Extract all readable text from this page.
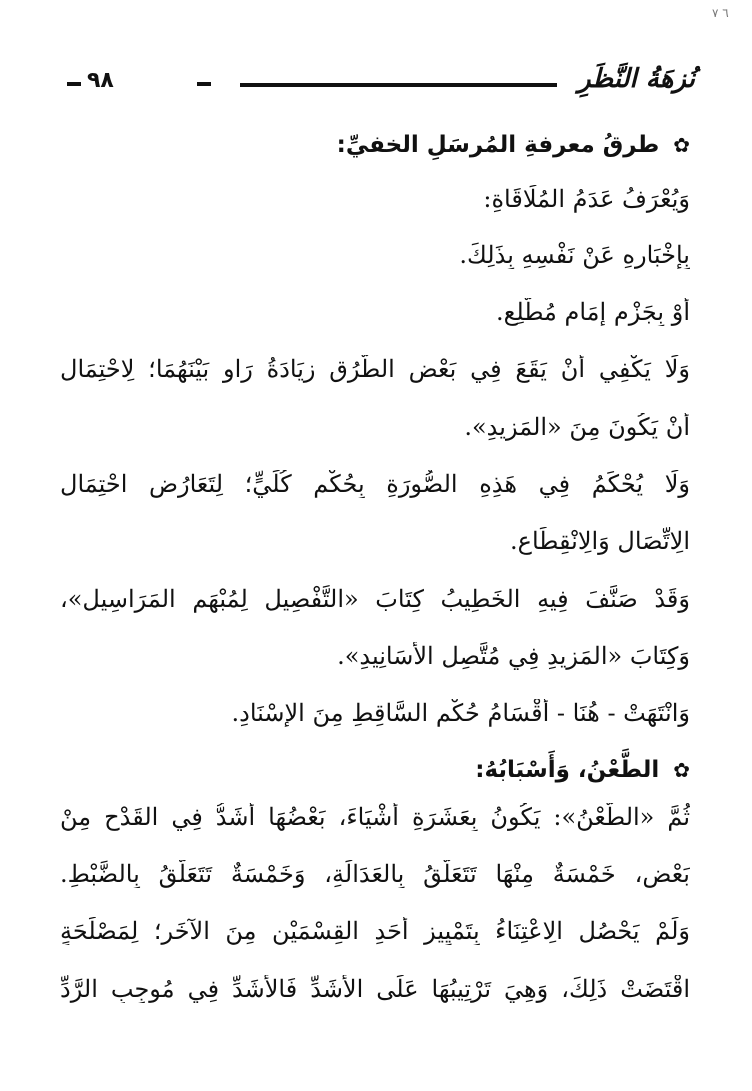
٦ ٧
نُزهَةُ النَّظَرِ
٩٨
✿
طرقُ معرفةِ المُرسَلِ الخفيِّ:
وَيُعْرَفُ عَدَمُ المُلَاقَاةِ:
بِإِخْبَارِهِ عَنْ نَفْسِهِ بِذَلِكَ.
أَوْ بِجَزْمِ إِمَامٍ مُطَّلِعٍ.
وَلَا يَكْفِي أَنْ يَقَعَ فِي بَعْضِ الطُّرُقِ زِيَادَةُ رَاوٍ بَيْنَهُمَا؛ لِاحْتِمَالِ
أَنْ يَكُونَ مِنَ «المَزِيدِ».
وَلَا يُحْكَمُ فِي هَذِهِ الصُّورَةِ بِحُكْمٍ كُلِّيٍّ؛ لِتَعَارُضِ احْتِمَالِ
الِاتِّصَالِ وَالِانْقِطَاعِ.
وَقَدْ صَنَّفَ فِيهِ الخَطِيبُ كِتَابَ «التَّفْصِيلِ لِمُبْهَمِ المَرَاسِيلِ»،
وَكِتَابَ «المَزِيدِ فِي مُتَّصِلِ الأَسَانِيدِ».
وَانْتَهَتْ - هُنَا - أَقْسَامُ حُكْمِ السَّاقِطِ مِنَ الإِسْنَادِ.
✿
الطَّعْنُ، وَأَسْبَابُهُ:
ثُمَّ «الطَّعْنُ»: يَكُونُ بِعَشَرَةِ أَشْيَاءَ، بَعْضُهَا أَشَدُّ فِي القَدْحِ مِنْ
بَعْضٍ، خَمْسَةٌ مِنْهَا تَتَعَلَّقُ بِالعَدَالَةِ، وَخَمْسَةٌ تَتَعَلَّقُ بِالضَّبْطِ.
وَلَمْ يَحْصُلِ الِاعْتِنَاءُ بِتَمْيِيزِ أَحَدِ القِسْمَيْنِ مِنَ الآخَرِ؛ لِمَصْلَحَةٍ
اقْتَضَتْ ذَلِكَ، وَهِيَ تَرْتِيبُهَا عَلَى الأَشَدِّ فَالأَشَدِّ فِي مُوجِبِ الرَّدِّ
